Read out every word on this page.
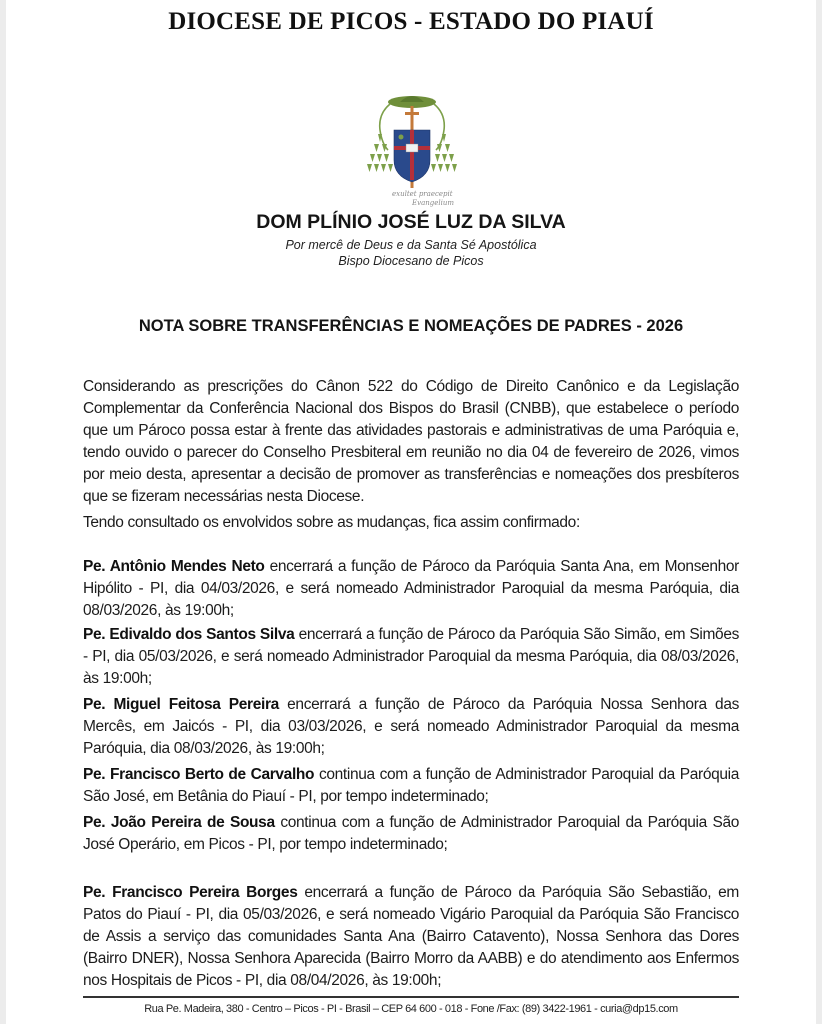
DIOCESE DE PICOS - ESTADO DO PIAUÍ
exultet praecepit
Evangelium
DOM PLÍNIO JOSÉ LUZ DA SILVA
Por mercê de Deus e da Santa Sé Apostólica
Bispo Diocesano de Picos
NOTA SOBRE TRANSFERÊNCIAS E NOMEAÇÕES DE PADRES - 2026

Considerando as prescrições do Cânon 522 do Código de Direito Canônico e da Legislação Complementar da Conferência Nacional dos Bispos do Brasil (CNBB), que estabelece o período que um Pároco possa estar à frente das atividades pastorais e administrativas de uma Paróquia e, tendo ouvido o parecer do Conselho Presbiteral em reunião no dia 04 de fevereiro de 2026, vimos por meio desta, apresentar a decisão de promover as transferências e nomeações dos presbíteros que se fizeram necessárias nesta Diocese.

Tendo consultado os envolvidos sobre as mudanças, fica assim confirmado:

Pe. Antônio Mendes Neto encerrará a função de Pároco da Paróquia Santa Ana, em Monsenhor Hipólito - PI, dia 04/03/2026, e será nomeado Administrador Paroquial da mesma Paróquia, dia 08/03/2026, às 19:00h;

Pe. Edivaldo dos Santos Silva encerrará a função de Pároco da Paróquia São Simão, em Simões - PI, dia 05/03/2026, e será nomeado Administrador Paroquial da mesma Paróquia, dia 08/03/2026, às 19:00h;

Pe. Miguel Feitosa Pereira encerrará a função de Pároco da Paróquia Nossa Senhora das Mercês, em Jaicós - PI, dia 03/03/2026, e será nomeado Administrador Paroquial da mesma Paróquia, dia 08/03/2026, às 19:00h;

Pe. Francisco Berto de Carvalho continua com a função de Administrador Paroquial da Paróquia São José, em Betânia do Piauí - PI, por tempo indeterminado;

Pe. João Pereira de Sousa continua com a função de Administrador Paroquial da Paróquia São José Operário, em Picos - PI, por tempo indeterminado;

Pe. Francisco Pereira Borges encerrará a função de Pároco da Paróquia São Sebastião, em Patos do Piauí - PI, dia 05/03/2026, e será nomeado Vigário Paroquial da Paróquia São Francisco de Assis a serviço das comunidades Santa Ana (Bairro Catavento), Nossa Senhora das Dores (Bairro DNER), Nossa Senhora Aparecida (Bairro Morro da AABB) e do atendimento aos Enfermos nos Hospitais de Picos - PI, dia 08/04/2026, às 19:00h;

Rua Pe. Madeira, 380 - Centro – Picos - PI - Brasil – CEP 64 600 - 018 - Fone /Fax: (89) 3422-1961 - curia@dp15.com
